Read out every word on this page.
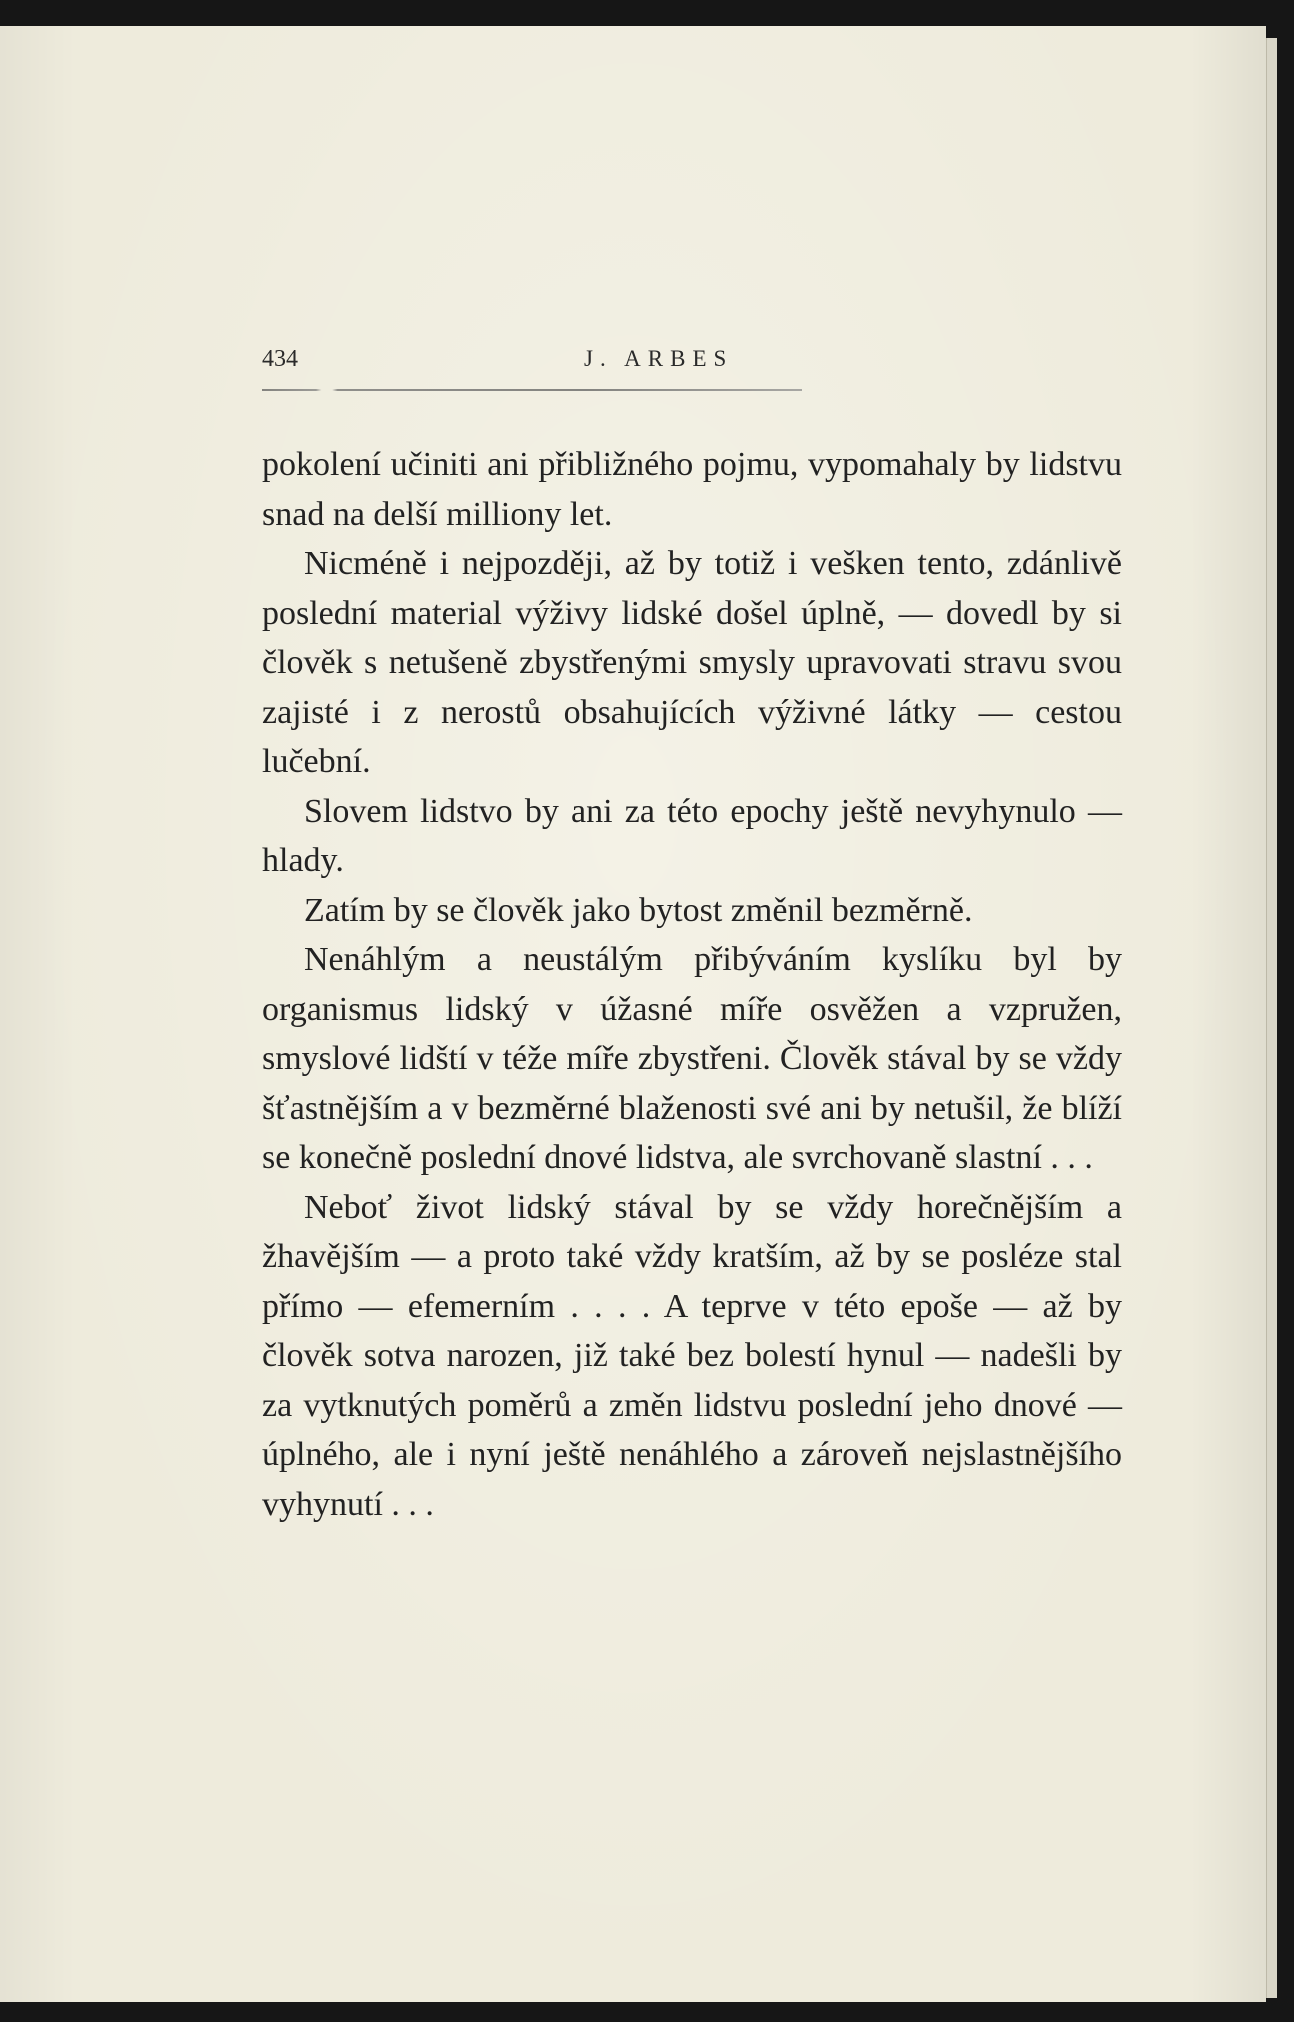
434	J. ARBES

pokolení učiniti ani přibližného pojmu, vypomahaly by lidstvu snad na delší milliony let.

Nicméně i nejpozději, až by totiž i vešken tento, zdánlivě poslední material výživy lidské došel úplně, — dovedl by si člověk s netušeně zbystřenými smysly upravovati stravu svou zajisté i z nerostů obsahujících výživné látky — cestou lučební.

Slovem lidstvo by ani za této epochy ještě nevyhynulo — hlady.

Zatím by se člověk jako bytost změnil bezměrně.

Nenáhlým a neustálým přibýváním kyslíku byl by organismus lidský v úžasné míře osvěžen a vzpružen, smyslové lidští v téže míře zbystřeni. Člověk stával by se vždy šťastnějším a v bezměrné blaženosti své ani by netušil, že blíží se konečně poslední dnové lidstva, ale svrchovaně slastní . . .

Neboť život lidský stával by se vždy horečnějším a žhavějším — a proto také vždy kratším, až by se posléze stal přímo — efemerním . . . . A teprve v této epoše — až by člověk sotva narozen, již také bez bolestí hynul — nadešli by za vytknutých poměrů a změn lidstvu poslední jeho dnové — úplného, ale i nyní ještě nenáhlého a zároveň nejslastnějšího vyhynutí . . .
